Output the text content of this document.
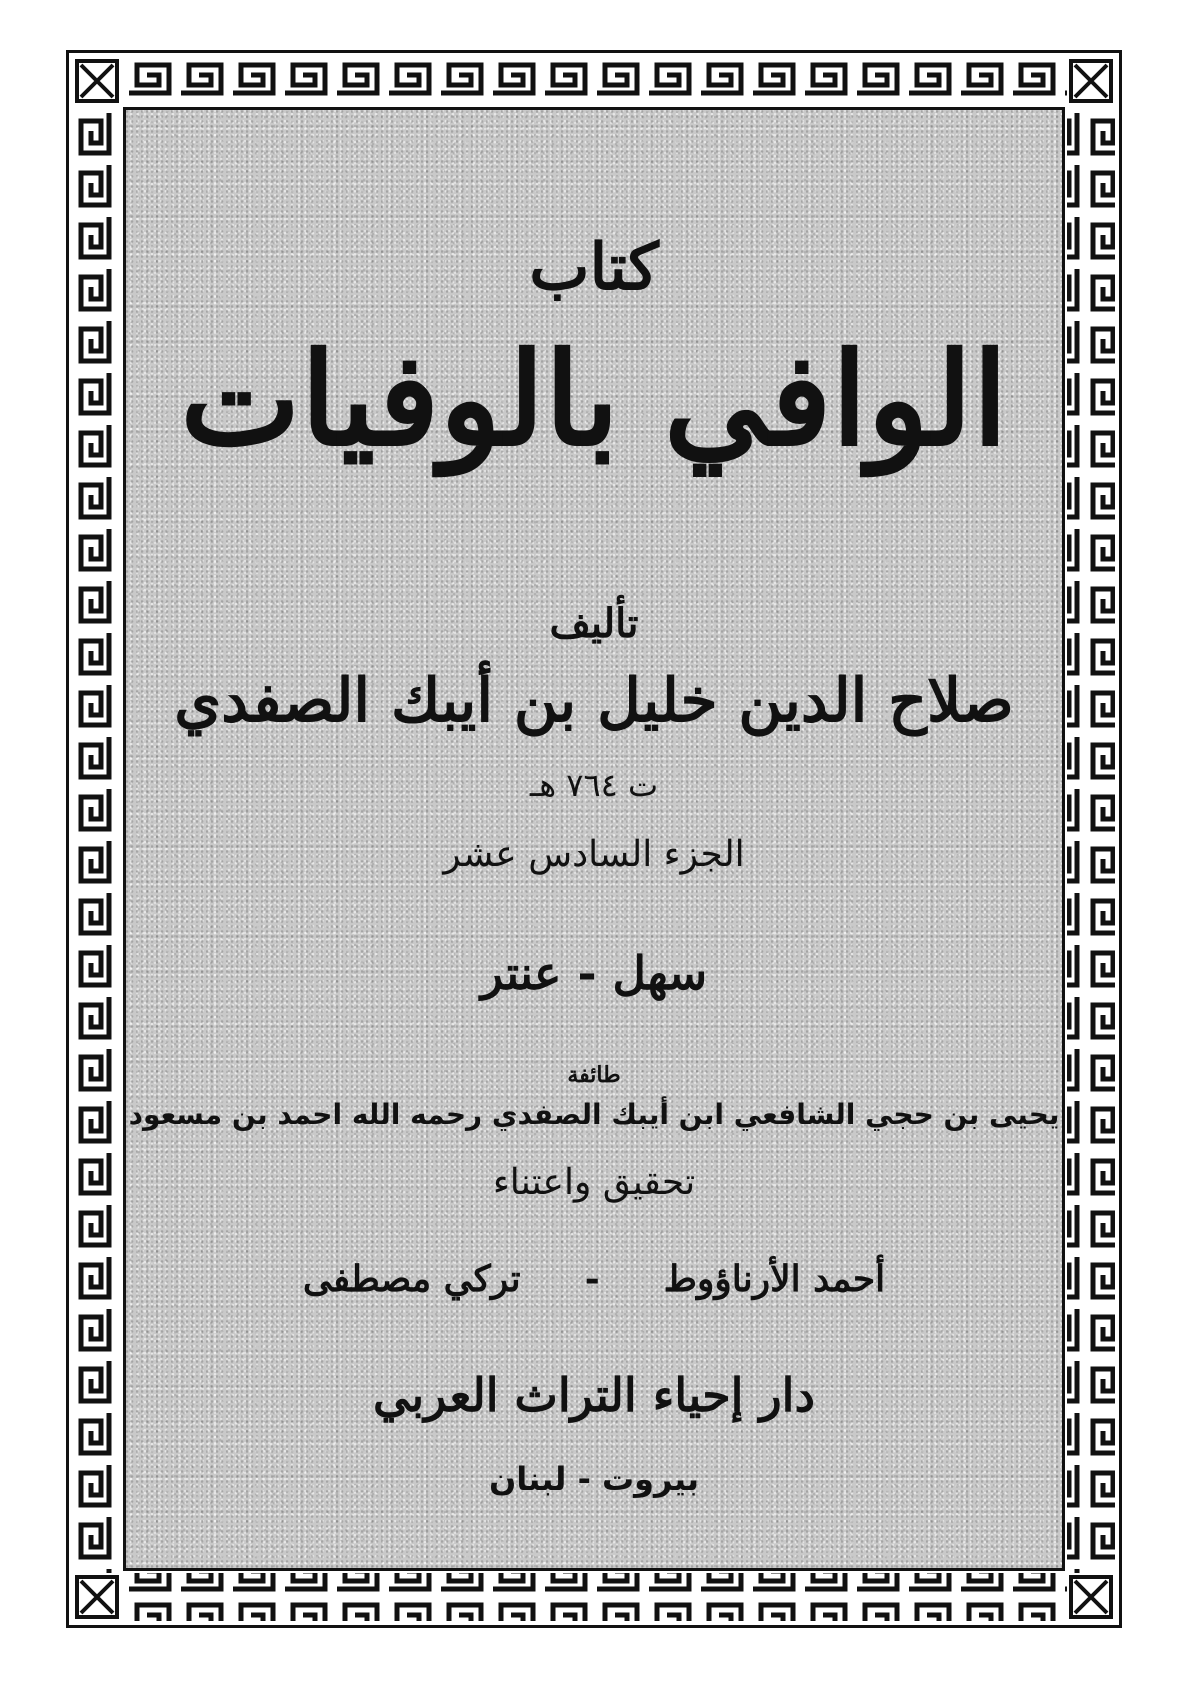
كتاب
الوافي بالوفيات
تأليف
صلاح الدين خليل بن أيبك الصفدي
ت ٧٦٤ هـ
الجزء السادس عشر
سهل - عنتر
طائفة
يحيى بن حجي الشافعي ابن أيبك الصفدي رحمه الله احمد بن مسعود
تحقيق واعتناء
أحمد الأرناؤوط
-
تركي مصطفى
دار إحياء التراث العربي
بيروت - لبنان
